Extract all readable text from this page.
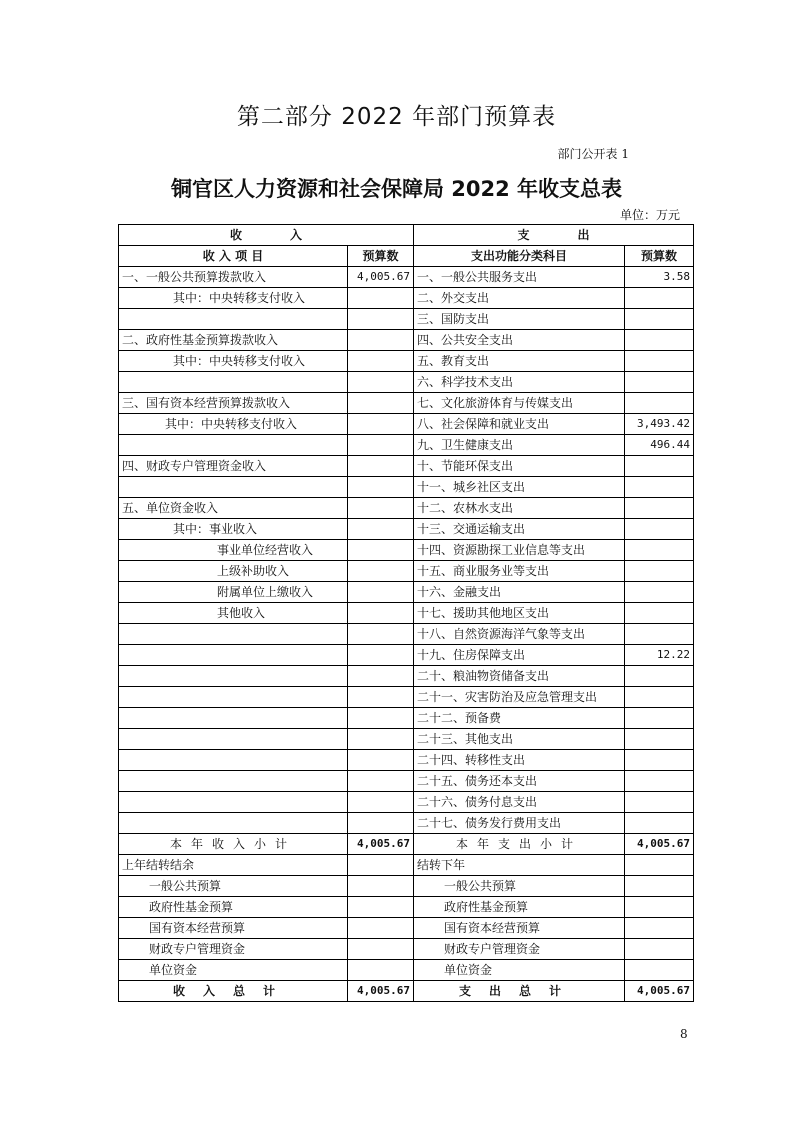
第二部分 2022 年部门预算表
部门公开表 1
铜官区人力资源和社会保障局 2022 年收支总表
单位：万元
收　　　　入		支　　　　出	
收 入 项 目	预算数	支出功能分类科目	预算数
一、一般公共预算拨款收入	4,005.67	一、一般公共服务支出	3.58
其中：中央转移支付收入		二、外交支出	
		三、国防支出	
二、政府性基金预算拨款收入		四、公共安全支出	
其中：中央转移支付收入		五、教育支出	
		六、科学技术支出	
三、国有资本经营预算拨款收入		七、文化旅游体育与传媒支出	
其中：中央转移支付收入		八、社会保障和就业支出	3,493.42
		九、卫生健康支出	496.44
四、财政专户管理资金收入		十、节能环保支出	
		十一、城乡社区支出	
五、单位资金收入		十二、农林水支出	
其中：事业收入		十三、交通运输支出	
事业单位经营收入		十四、资源勘探工业信息等支出	
上级补助收入		十五、商业服务业等支出	
附属单位上缴收入		十六、金融支出	
其他收入		十七、援助其他地区支出	
		十八、自然资源海洋气象等支出	
		十九、住房保障支出	12.22
		二十、粮油物资储备支出	
		二十一、灾害防治及应急管理支出	
		二十二、预备费	
		二十三、其他支出	
		二十四、转移性支出	
		二十五、债务还本支出	
		二十六、债务付息支出	
		二十七、债务发行费用支出	
本年收入小计	4,005.67	本年支出小计	4,005.67
上年结转结余		结转下年	
一般公共预算		一般公共预算	
政府性基金预算		政府性基金预算	
国有资本经营预算		国有资本经营预算	
财政专户管理资金		财政专户管理资金	
单位资金		单位资金	
收入总计	4,005.67	支出总计	4,005.67
8
